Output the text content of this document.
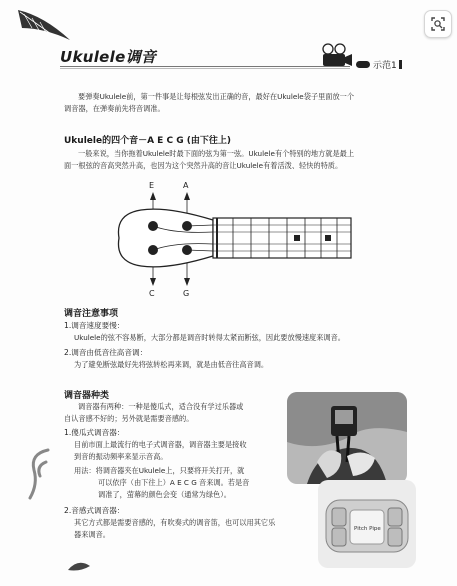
Ukulele调音	示范1
要弹奏Ukulele前，第一件事是让每根弦发出正确的音，最好在Ukulele袋子里面放一个
调音器，在弹奏前先将音调准。
Ukulele的四个音－A E C G (由下往上)
一般来说，当你拖着Ukulele时最下面的弦为第一弦。Ukulele有个特别的地方就是最上
面一根弦的音高突然升高，也因为这个突然升高的音让Ukulele有着活泼、轻快的特质。
E	A
C	G
调音注意事项
1.调音速度要慢：
Ukulele的弦不容易断，大部分都是调音时转得太紧而断弦，因此要放慢速度来调音。
2.调音由低音往高音调：
为了避免断弦最好先将弦转松再来调，就是由低音往高音调。
调音器种类
调音器有两种：一种是傻瓜式，适合没有学过乐器或
自认音感不好的；另外就是需要音感的。
1.傻瓜式调音器：
目前市面上最流行的电子式调音器，调音器主要是接收
到音的振动频率来显示音高。
用法：将调音器夹在Ukulele上，只要将开关打开，就
可以依序（由下往上）A E C G 音来调。若是音
调准了，萤幕的颜色会变（通常为绿色）。
2.音感式调音器：
其它方式都是需要音感的，有吹奏式的调音笛，也可以用其它乐
器来调音。
Pitch Pipe
